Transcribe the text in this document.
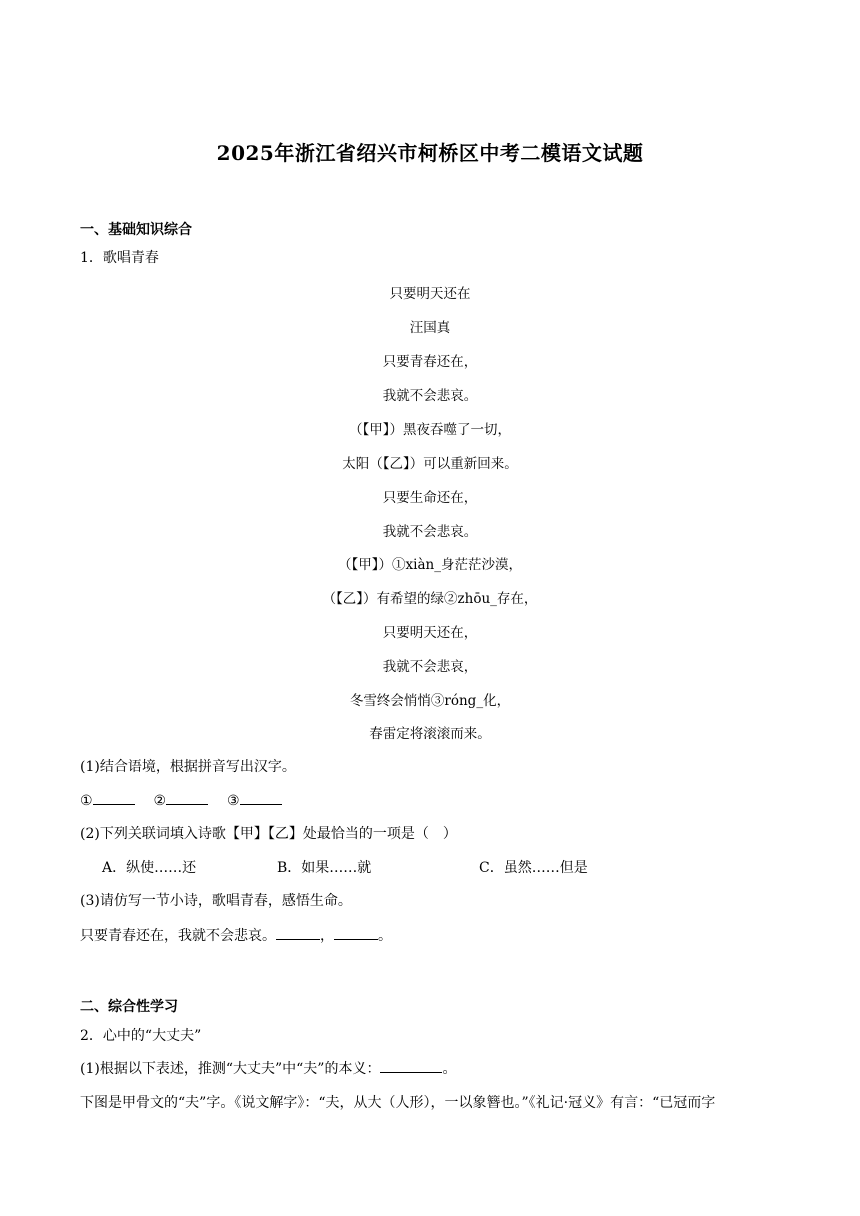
2025年浙江省绍兴市柯桥区中考二模语文试题
一、基础知识综合
1．歌唱青春
只要明天还在
汪国真
只要青春还在，
我就不会悲哀。
（【甲】）黑夜吞噬了一切，
太阳（【乙】）可以重新回来。
只要生命还在，
我就不会悲哀。
（【甲】）①xiàn_身茫茫沙漠，
（【乙】）有希望的绿②zhōu_存在，
只要明天还在，
我就不会悲哀，
冬雪终会悄悄③róng_化，
春雷定将滚滚而来。
(1)结合语境，根据拼音写出汉字。
①	②	③
(2)下列关联词填入诗歌【甲】【乙】处最恰当的一项是（　）
A．纵使……还	B．如果……就	C．虽然……但是
(3)请仿写一节小诗，歌唱青春，感悟生命。
只要青春还在，我就不会悲哀。	，	。
二、综合性学习
2．心中的“大丈夫”
(1)根据以下表述，推测“大丈夫”中“夫”的本义：	。
下图是甲骨文的“夫”字。《说文解字》：“夫，从大（人形），一以象簪也。”《礼记·冠义》有言：“已冠而字
